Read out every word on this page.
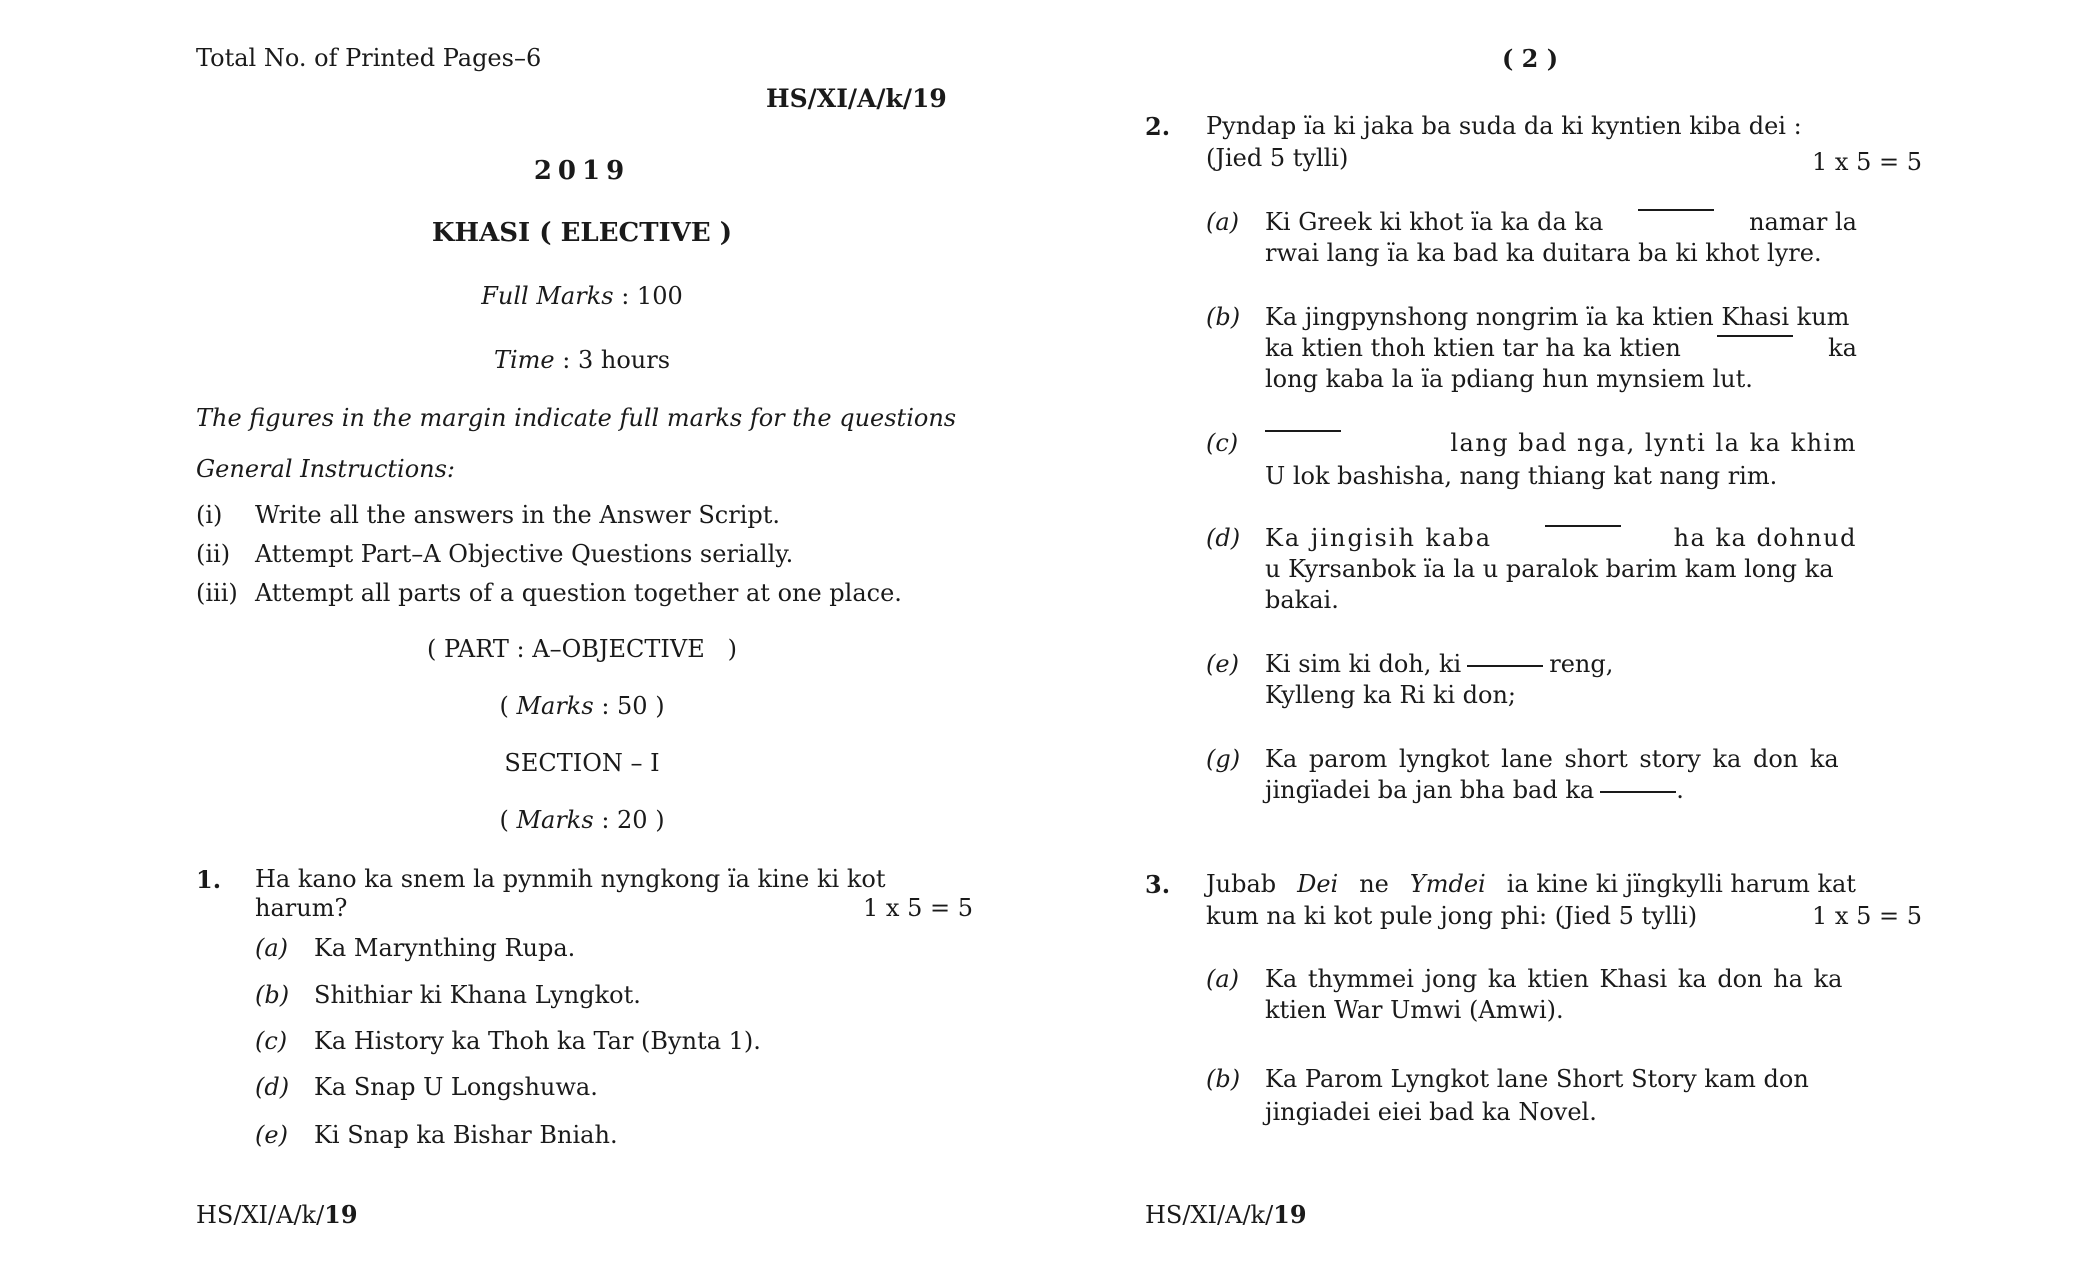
Total No. of Printed Pages–6
HS/XI/A/k/19
2019
KHASI ( ELECTIVE )
Full Marks : 100
Time : 3 hours
The figures in the margin indicate full marks for the questions
General Instructions:
(i) Write all the answers in the Answer Script.
(ii) Attempt Part–A Objective Questions serially.
(iii) Attempt all parts of a question together at one place.
( PART : A–OBJECTIVE   )
( Marks : 50 )
SECTION – I
( Marks : 20 )
1. Ha kano ka snem la pynmih nyngkong ïa kine ki kot
harum?	1 x 5 = 5
(a) Ka Marynthing Rupa.
(b) Shithiar ki Khana Lyngkot.
(c) Ka History ka Thoh ka Tar (Bynta 1).
(d) Ka Snap U Longshuwa.
(e) Ki Snap ka Bishar Bniah.
HS/XI/A/k/19
( 2 )
2. Pyndap ïa ki jaka ba suda da ki kyntien kiba dei :
(Jied 5 tylli)	1 x 5 = 5
(a) Ki Greek ki khot ïa ka da ka	namar la
rwai lang ïa ka bad ka duitara ba ki khot lyre.
(b) Ka jingpynshong nongrim ïa ka ktien Khasi kum
ka ktien thoh ktien tar ha ka ktien	ka
long kaba la ïa pdiang hun mynsiem lut.
(c)	lang bad nga, lynti la ka khim
U lok bashisha, nang thiang kat nang rim.
(d) Ka jingisih kaba	ha ka dohnud
u Kyrsanbok ïa la u paralok barim kam long ka
bakai.
(e) Ki sim ki doh, ki	reng,
Kylleng ka Ri ki don;
(g) Ka parom lyngkot lane short story ka don ka
jingïadei ba jan bha bad ka	.
3. Jubab Dei ne Ymdei ia kine ki jïngkylli harum kat
kum na ki kot pule jong phi: (Jied 5 tylli)	1 x 5 = 5
(a) Ka thymmei jong ka ktien Khasi ka don ha ka
ktien War Umwi (Amwi).
(b) Ka Parom Lyngkot lane Short Story kam don
jingiadei eiei bad ka Novel.
HS/XI/A/k/19
